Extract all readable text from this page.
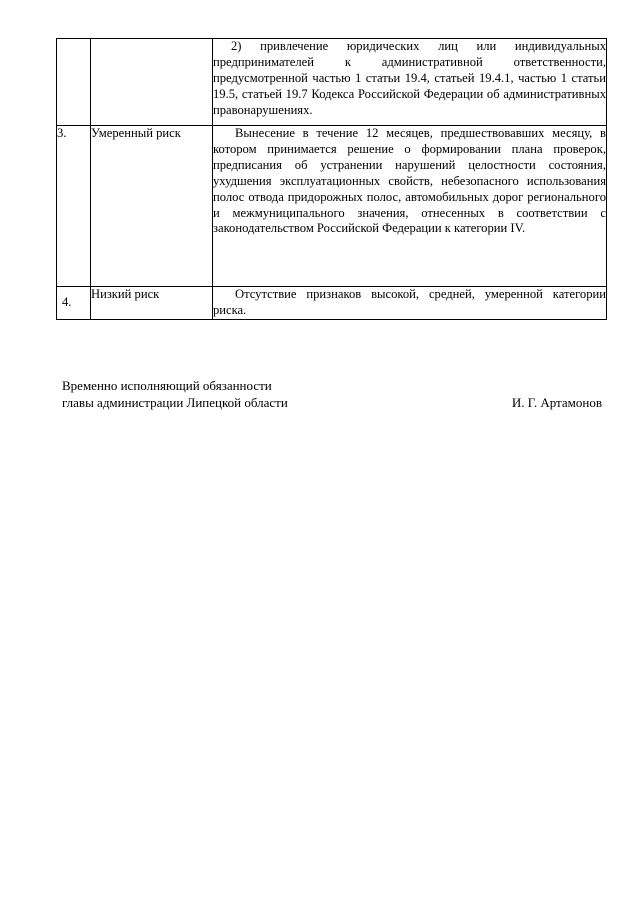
		2) привлечение юридических лиц или индивидуальных предпринимателей к административной ответственности, предусмотренной частью 1 статьи 19.4, статьей 19.4.1, частью 1 статьи 19.5, статьей 19.7 Кодекса Российской Федерации об административных правонарушениях.

3.	Умеренный риск	Вынесение в течение 12 месяцев, предшествовавших месяцу, в котором принимается решение о формировании плана проверок, предписания об устранении нарушений целостности состояния, ухудшения эксплуатационных свойств, небезопасного использования полос отвода придорожных полос, автомобильных дорог регионального и межмуниципального значения, отнесенных в соответствии с законодательством Российской Федерации к категории IV.

4.	Низкий риск	Отсутствие признаков высокой, средней, умеренной категории риска.

Временно исполняющий обязанности
главы администрации Липецкой области	И. Г. Артамонов
